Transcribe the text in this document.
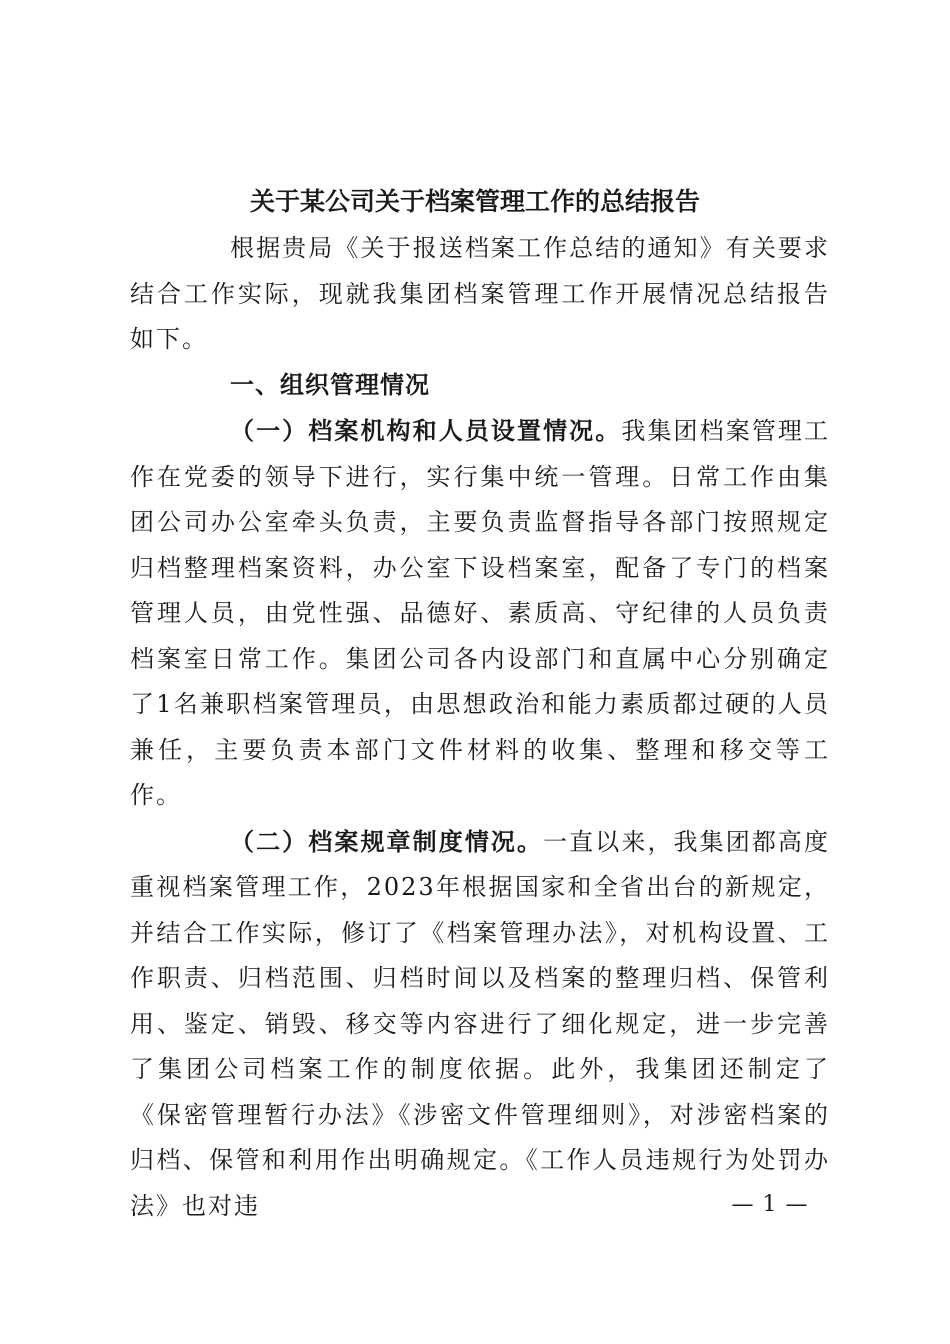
关于某公司关于档案管理工作的总结报告

根据贵局《关于报送档案工作总结的通知》有关要求结合工作实际，现就我集团档案管理工作开展情况总结报告如下。

一、组织管理情况

（一）档案机构和人员设置情况。我集团档案管理工作在党委的领导下进行，实行集中统一管理。日常工作由集团公司办公室牵头负责，主要负责监督指导各部门按照规定归档整理档案资料，办公室下设档案室，配备了专门的档案管理人员，由党性强、品德好、素质高、守纪律的人员负责档案室日常工作。集团公司各内设部门和直属中心分别确定了1名兼职档案管理员，由思想政治和能力素质都过硬的人员兼任，主要负责本部门文件材料的收集、整理和移交等工作。

（二）档案规章制度情况。一直以来，我集团都高度重视档案管理工作，2023年根据国家和全省出台的新规定，并结合工作实际，修订了《档案管理办法》，对机构设置、工作职责、归档范围、归档时间以及档案的整理归档、保管利用、鉴定、销毁、移交等内容进行了细化规定，进一步完善了集团公司档案工作的制度依据。此外，我集团还制定了《保密管理暂行办法》《涉密文件管理细则》，对涉密档案的归档、保管和利用作出明确规定。《工作人员违规行为处罚办法》也对违	— 1 —
